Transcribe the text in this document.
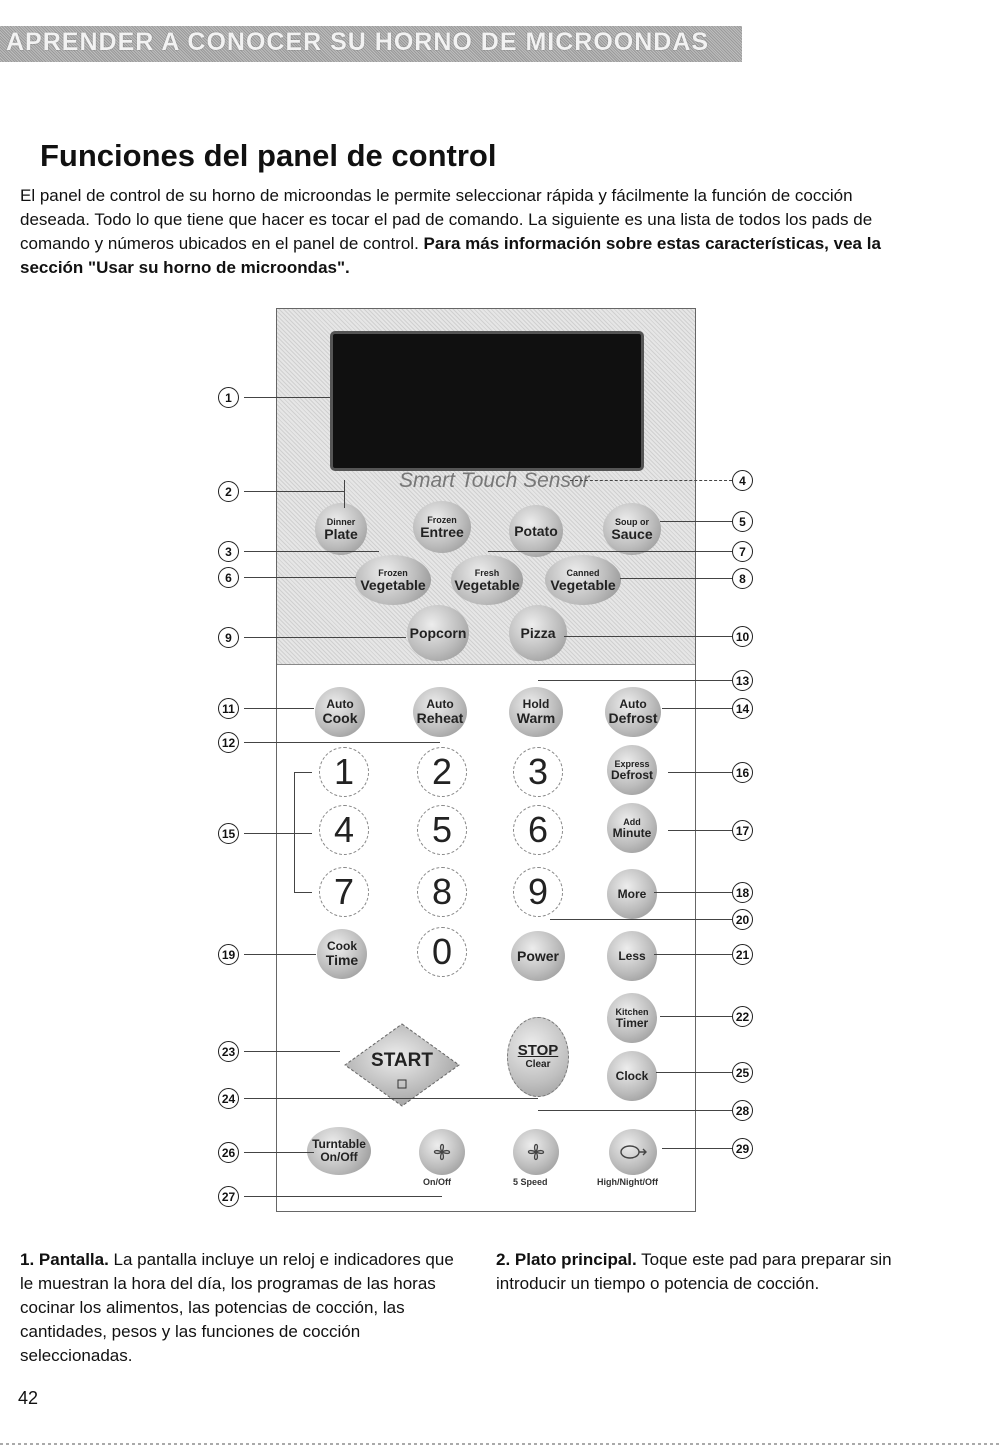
APRENDER A CONOCER SU HORNO DE MICROONDAS
Funciones del panel de control

El panel de control de su horno de microondas le permite seleccionar rápida y fácilmente la función de cocción deseada. Todo lo que tiene que hacer es tocar el pad de comando. La siguiente es una lista de todos los pads de comando y números ubicados en el panel de control. Para más información sobre estas características, vea la sección "Usar su horno de microondas".

Smart Touch Sensor
Dinner
Plate
Frozen
Entree	Potato
Soup or
Sauce
Frozen
Vegetable
Fresh
Vegetable
Canned
Vegetable
Popcorn	Pizza
Auto
Cook
Auto
Reheat
Hold
Warm
Auto
Defrost
1	2	3
4	5	6
7	8	9
0
Cook
Time	Power
Express
Defrost
Add
Minute
More
Less
Kitchen
Timer
Clock
START	STOP
Clear
Turntable
On/Off
On/Off	5 Speed	High/Night/Off
1
2
3
4
5
6
7
8
9	10
11
12
13
14
15
16
17
18
19
20
21
22
23
24
25
26
27
28
29

1. Pantalla. La pantalla incluye un reloj e indicadores que le muestran la hora del día, los programas de las horas cocinar los alimentos, las potencias de cocción, las cantidades, pesos y las funciones de cocción seleccionadas.

2. Plato principal. Toque este pad para preparar sin introducir un tiempo o potencia de cocción.

42
